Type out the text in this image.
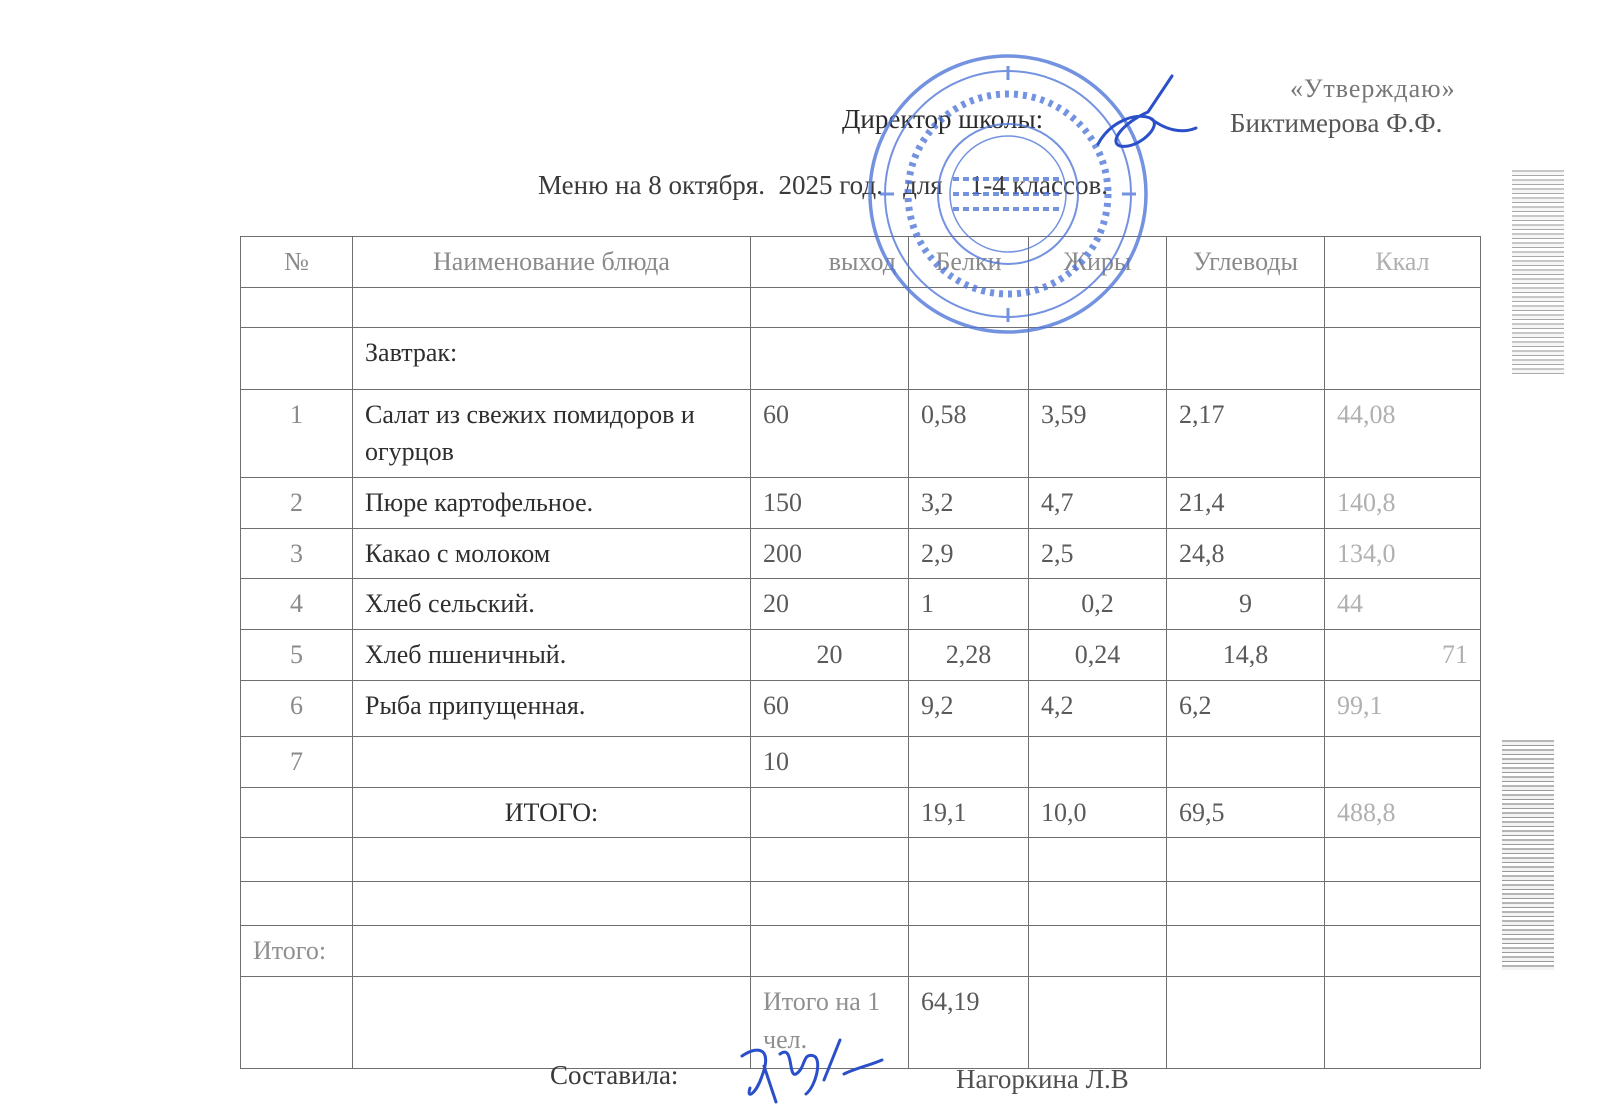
«Утверждаю»
Директор школы:	Биктимерова Ф.Ф.
Меню на 8 октября.  2025 год.   для    1-4 классов.
№	Наименование блюда	выход	Белки	Жиры	Углеводы	Ккал

	Завтрак:					
1	Салат из свежих помидоров и огурцов	60	0,58	3,59	2,17	44,08
2	Пюре картофельное.	150	3,2	4,7	21,4	140,8
3	Какао с молоком	200	2,9	2,5	24,8	134,0
4	Хлеб сельский.	20	1	0,2	9	44
5	Хлеб пшеничный.	20	2,28	0,24	14,8	71
6	Рыба припущенная.	60	9,2	4,2	6,2	99,1
7		10				
	ИТОГО:		19,1	10,0	69,5	488,8

Итого:						
		Итого на 1 чел.	64,19			
Составила:	Нагоркина Л.В
